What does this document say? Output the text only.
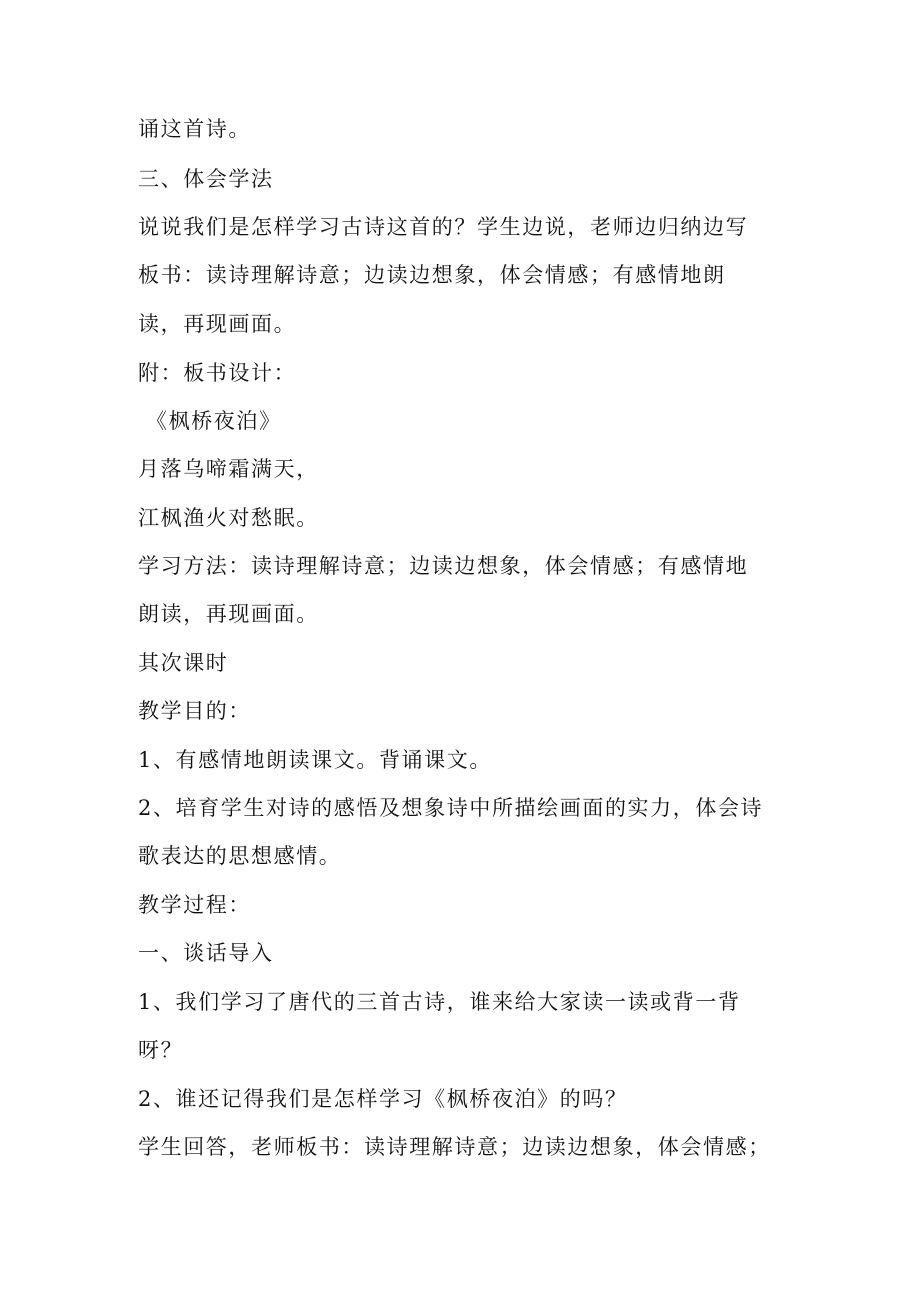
诵这首诗。
三、体会学法
说说我们是怎样学习古诗这首的？学生边说，老师边归纳边写
板书：读诗理解诗意；边读边想象，体会情感；有感情地朗
读，再现画面。
附：板书设计：
《枫桥夜泊》
月落乌啼霜满天，
江枫渔火对愁眠。
学习方法：读诗理解诗意；边读边想象，体会情感；有感情地
朗读，再现画面。
其次课时
教学目的：
1、有感情地朗读课文。背诵课文。
2、培育学生对诗的感悟及想象诗中所描绘画面的实力，体会诗
歌表达的思想感情。
教学过程：
一、谈话导入
1、我们学习了唐代的三首古诗，谁来给大家读一读或背一背
呀？
2、谁还记得我们是怎样学习《枫桥夜泊》的吗？
学生回答，老师板书：读诗理解诗意；边读边想象，体会情感；
